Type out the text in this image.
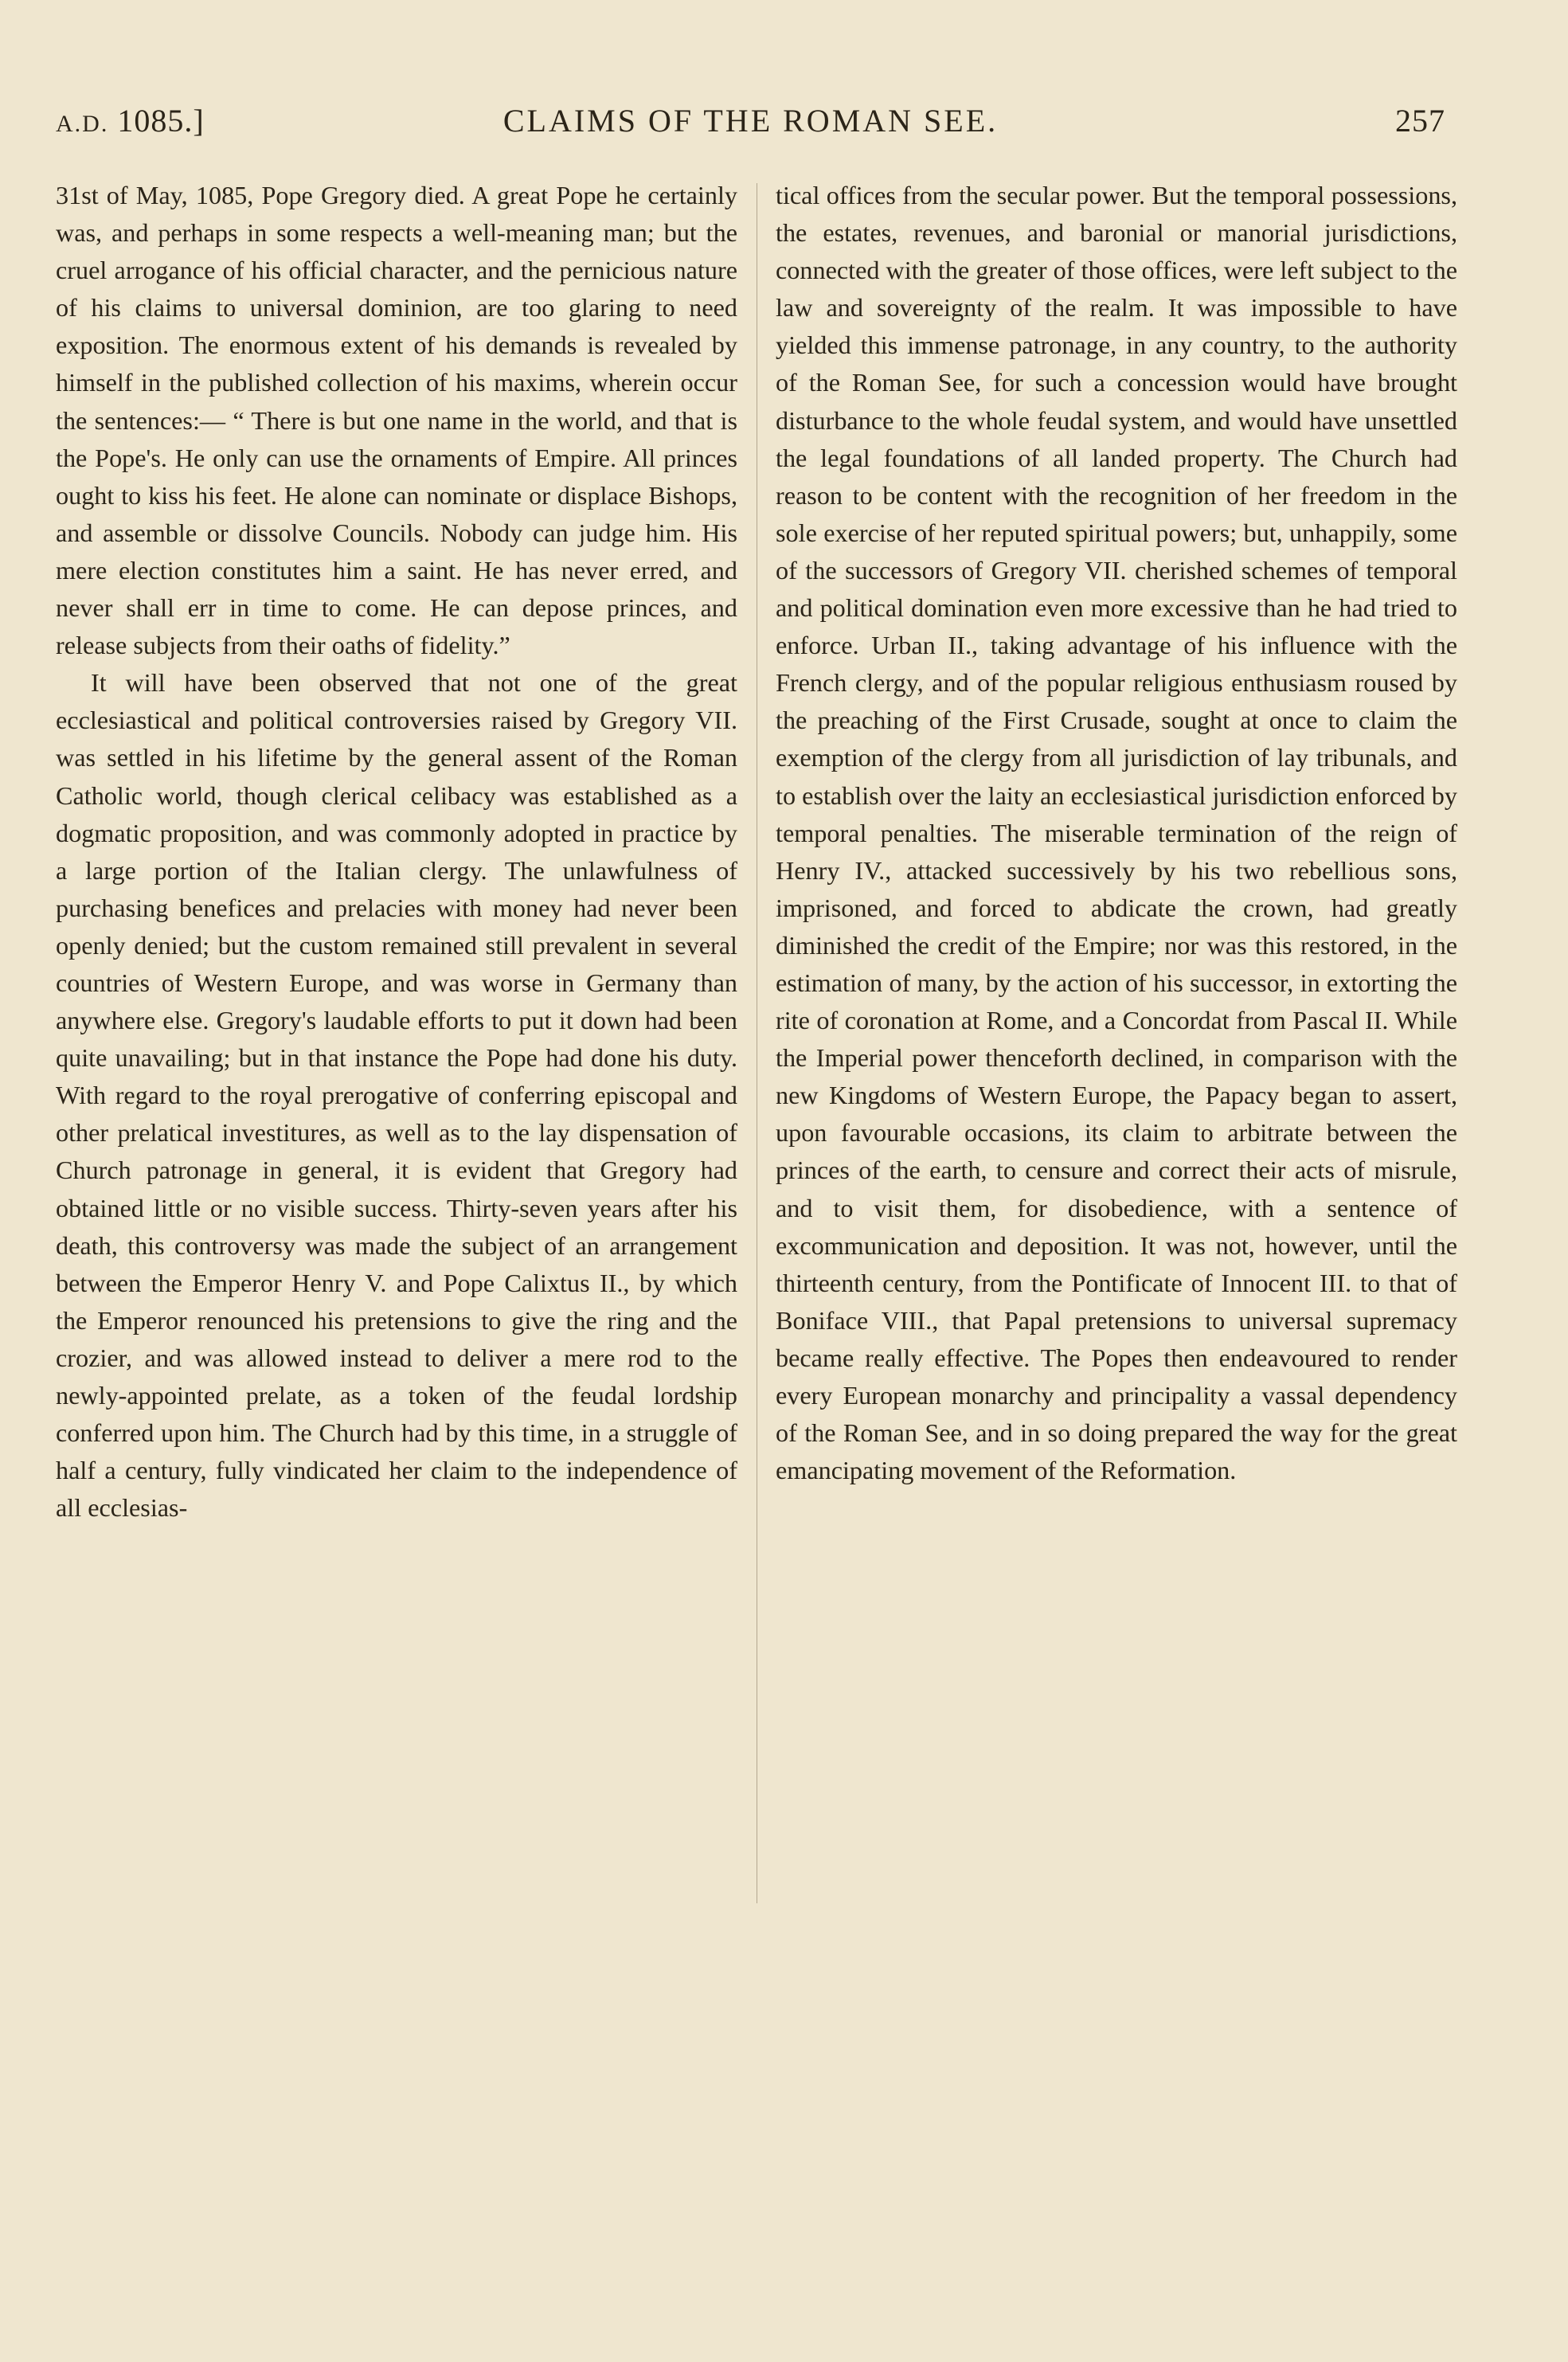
A.D. 1085.]	CLAIMS OF THE ROMAN SEE.	257

31st of May, 1085, Pope Gregory died. A great Pope he certainly was, and perhaps in some respects a well-meaning man; but the cruel arrogance of his official character, and the pernicious nature of his claims to universal dominion, are too glaring to need exposition. The enormous extent of his demands is revealed by himself in the published collection of his maxims, wherein occur the sentences:— “ There is but one name in the world, and that is the Pope's. He only can use the ornaments of Empire. All princes ought to kiss his feet. He alone can nominate or displace Bishops, and assemble or dissolve Councils. Nobody can judge him. His mere election constitutes him a saint. He has never erred, and never shall err in time to come. He can depose princes, and release subjects from their oaths of fidelity.”

It will have been observed that not one of the great ecclesiastical and political controversies raised by Gregory VII. was settled in his lifetime by the general assent of the Roman Catholic world, though clerical celibacy was established as a dogmatic proposition, and was commonly adopted in practice by a large portion of the Italian clergy. The unlawfulness of purchasing benefices and prelacies with money had never been openly denied; but the custom remained still prevalent in several countries of Western Europe, and was worse in Germany than anywhere else. Gregory's laudable efforts to put it down had been quite unavailing; but in that instance the Pope had done his duty. With regard to the royal prerogative of conferring episcopal and other prelatical investitures, as well as to the lay dispensation of Church patronage in general, it is evident that Gregory had obtained little or no visible success. Thirty-seven years after his death, this controversy was made the subject of an arrangement between the Emperor Henry V. and Pope Calixtus II., by which the Emperor renounced his pretensions to give the ring and the crozier, and was allowed instead to deliver a mere rod to the newly-appointed prelate, as a token of the feudal lordship conferred upon him. The Church had by this time, in a struggle of half a century, fully vindicated her claim to the independence of all ecclesias-

tical offices from the secular power. But the temporal possessions, the estates, revenues, and baronial or manorial jurisdictions, connected with the greater of those offices, were left subject to the law and sovereignty of the realm. It was impossible to have yielded this immense patronage, in any country, to the authority of the Roman See, for such a concession would have brought disturbance to the whole feudal system, and would have unsettled the legal foundations of all landed property. The Church had reason to be content with the recognition of her freedom in the sole exercise of her reputed spiritual powers; but, unhappily, some of the successors of Gregory VII. cherished schemes of temporal and political domination even more excessive than he had tried to enforce. Urban II., taking advantage of his influence with the French clergy, and of the popular religious enthusiasm roused by the preaching of the First Crusade, sought at once to claim the exemption of the clergy from all jurisdiction of lay tribunals, and to establish over the laity an ecclesiastical jurisdiction enforced by temporal penalties. The miserable termination of the reign of Henry IV., attacked successively by his two rebellious sons, imprisoned, and forced to abdicate the crown, had greatly diminished the credit of the Empire; nor was this restored, in the estimation of many, by the action of his successor, in extorting the rite of coronation at Rome, and a Concordat from Pascal II. While the Imperial power thenceforth declined, in comparison with the new Kingdoms of Western Europe, the Papacy began to assert, upon favourable occasions, its claim to arbitrate between the princes of the earth, to censure and correct their acts of misrule, and to visit them, for disobedience, with a sentence of excommunication and deposition. It was not, however, until the thirteenth century, from the Pontificate of Innocent III. to that of Boniface VIII., that Papal pretensions to universal supremacy became really effective. The Popes then endeavoured to render every European monarchy and principality a vassal dependency of the Roman See, and in so doing prepared the way for the great emancipating movement of the Reformation.
